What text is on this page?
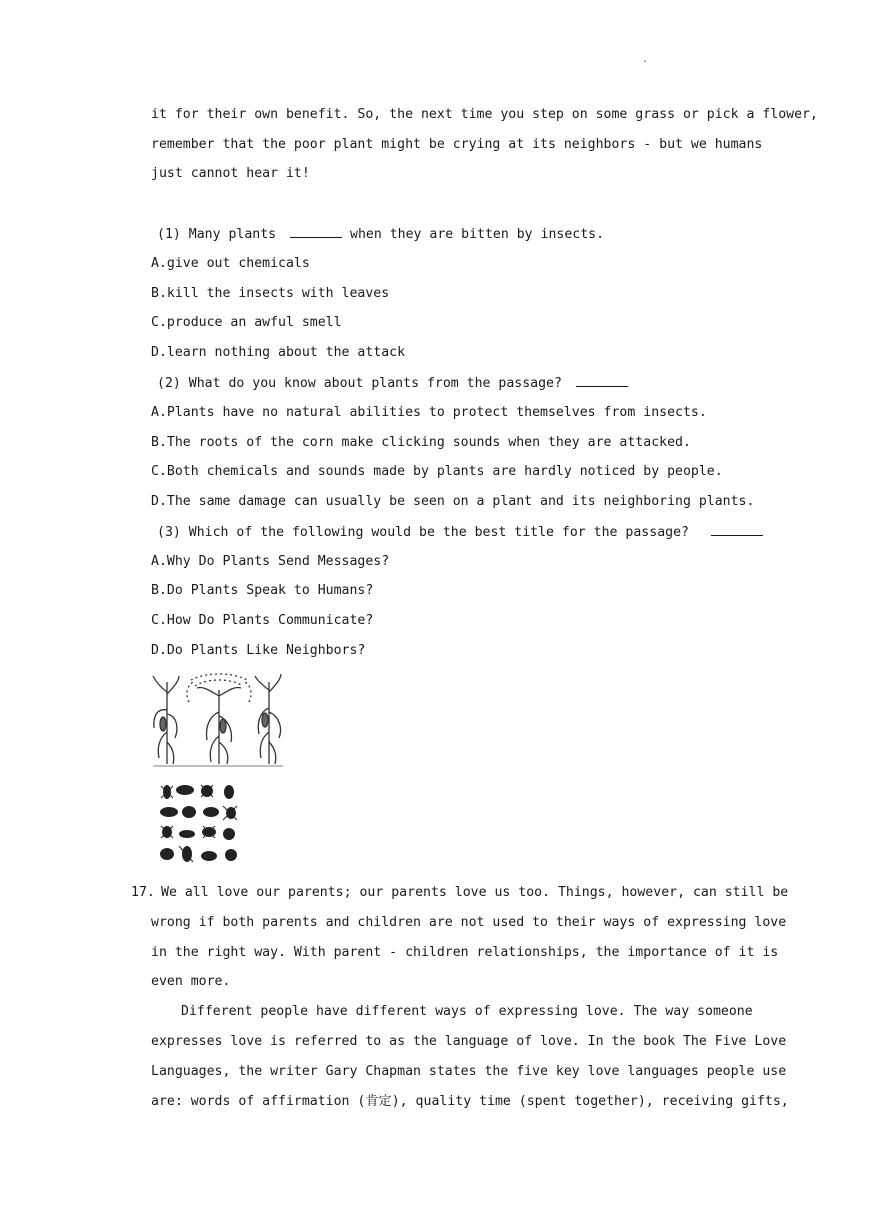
.
it for their own benefit. So, the next time you step on some grass or pick a flower,
remember that the poor plant might be crying at its neighbors - but we humans
just cannot hear it!
(1) Many plants	when they are bitten by insects.
A.give out chemicals
B.kill the insects with leaves
C.produce an awful smell
D.learn nothing about the attack
(2) What do you know about plants from the passage?
A.Plants have no natural abilities to protect themselves from insects.
B.The roots of the corn make clicking sounds when they are attacked.
C.Both chemicals and sounds made by plants are hardly noticed by people.
D.The same damage can usually be seen on a plant and its neighboring plants.
(3) Which of the following would be the best title for the passage?
A.Why Do Plants Send Messages?
B.Do Plants Speak to Humans?
C.How Do Plants Communicate?
D.Do Plants Like Neighbors?
17. We all love our parents; our parents love us too. Things, however, can still be
wrong if both parents and children are not used to their ways of expressing love
in the right way. With parent - children relationships, the importance of it is
even more.
Different people have different ways of expressing love. The way someone
expresses love is referred to as the language of love. In the book The Five Love
Languages, the writer Gary Chapman states the five key love languages people use
are: words of affirmation (肯定), quality time (spent together), receiving gifts,
